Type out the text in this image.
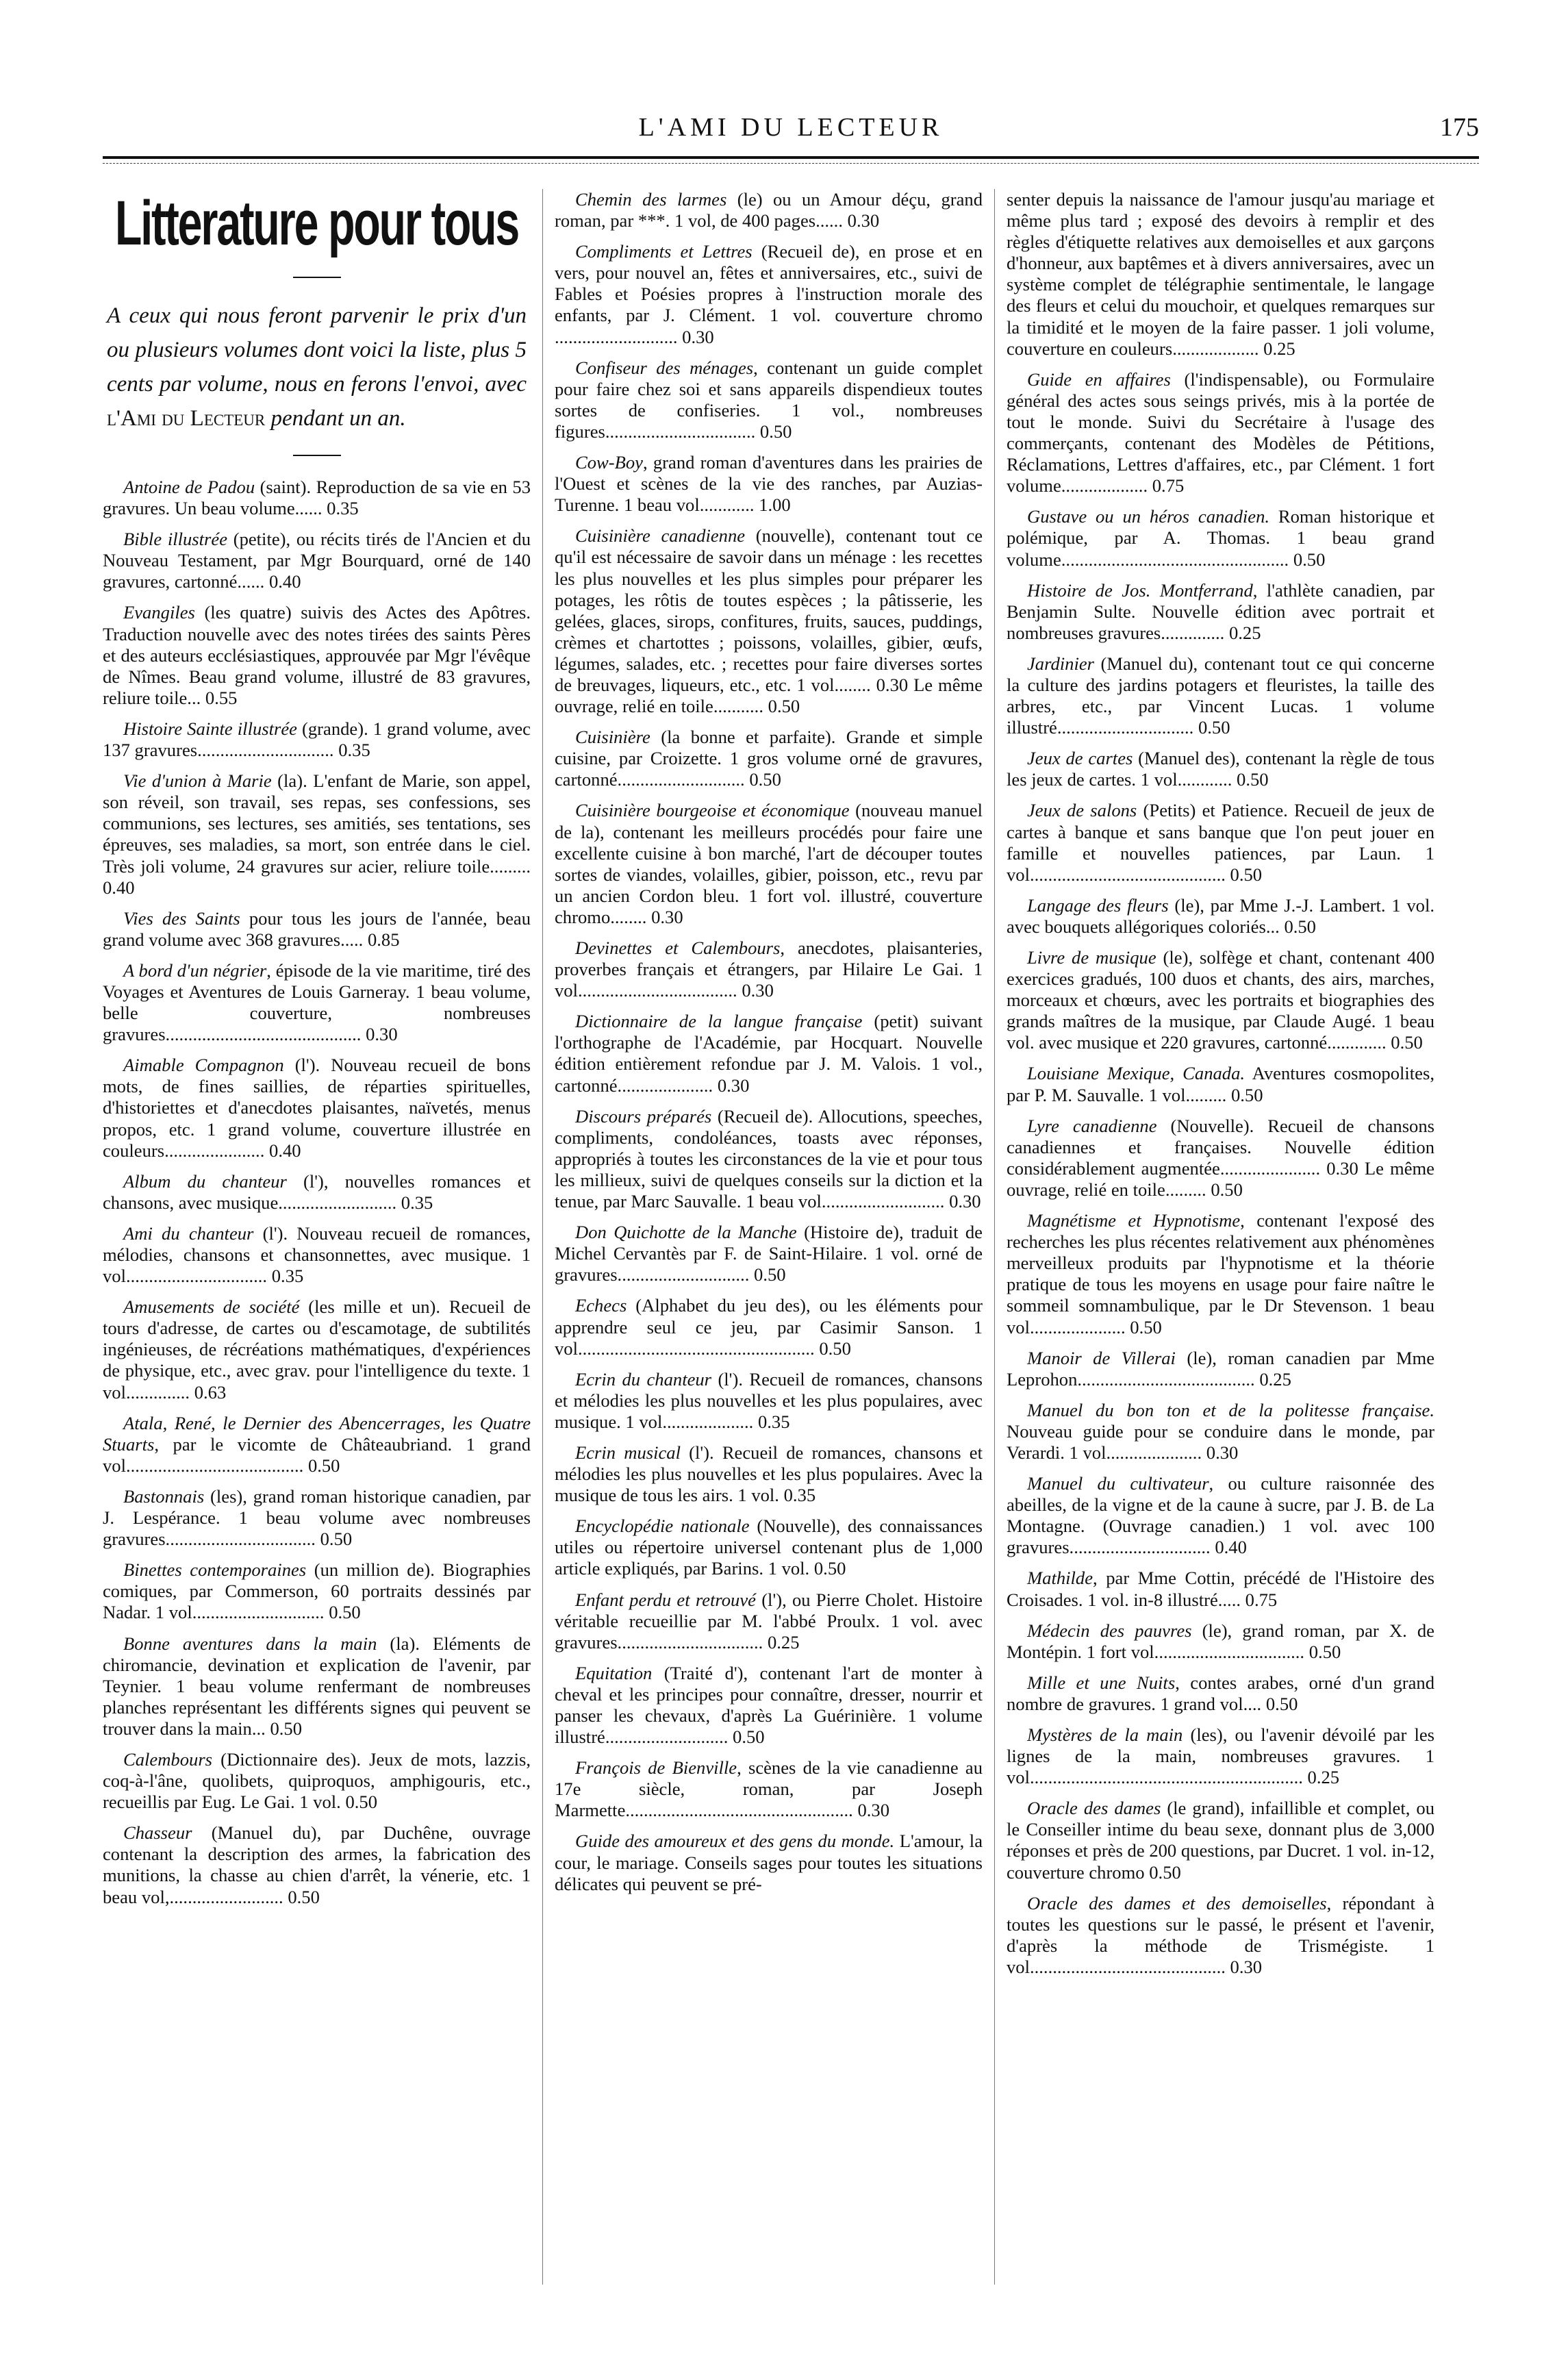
L'AMI DU LECTEUR	175
Litterature pour tous

A ceux qui nous feront parvenir le prix d'un ou plusieurs volumes dont voici la liste, plus 5 cents par volume, nous en ferons l'envoi, avec l'Ami du Lecteur pendant un an.

Antoine de Padou (saint). Reproduction de sa vie en 53 gravures. Un beau volume...... 0.35

Bible illustrée (petite), ou récits tirés de l'Ancien et du Nouveau Testament, par Mgr Bourquard, orné de 140 gravures, cartonné...... 0.40

Evangiles (les quatre) suivis des Actes des Apôtres. Traduction nouvelle avec des notes tirées des saints Pères et des auteurs ecclésiastiques, approuvée par Mgr l'évêque de Nîmes. Beau grand volume, illustré de 83 gravures, reliure toile... 0.55

Histoire Sainte illustrée (grande). 1 grand volume, avec 137 gravures.............................. 0.35

Vie d'union à Marie (la). L'enfant de Marie, son appel, son réveil, son travail, ses repas, ses confessions, ses communions, ses lectures, ses amitiés, ses tentations, ses épreuves, ses maladies, sa mort, son entrée dans le ciel. Très joli volume, 24 gravures sur acier, reliure toile......... 0.40

Vies des Saints pour tous les jours de l'année, beau grand volume avec 368 gravures..... 0.85

A bord d'un négrier, épisode de la vie maritime, tiré des Voyages et Aventures de Louis Garneray. 1 beau volume, belle couverture, nombreuses gravures........................................... 0.30

Aimable Compagnon (l'). Nouveau recueil de bons mots, de fines saillies, de réparties spirituelles, d'historiettes et d'anecdotes plaisantes, naïvetés, menus propos, etc. 1 grand volume, couverture illustrée en couleurs...................... 0.40

Album du chanteur (l'), nouvelles romances et chansons, avec musique.......................... 0.35

Ami du chanteur (l'). Nouveau recueil de romances, mélodies, chansons et chansonnettes, avec musique. 1 vol............................... 0.35

Amusements de société (les mille et un). Recueil de tours d'adresse, de cartes ou d'escamotage, de subtilités ingénieuses, de récréations mathématiques, d'expériences de physique, etc., avec grav. pour l'intelligence du texte. 1 vol.............. 0.63

Atala, René, le Dernier des Abencerrages, les Quatre Stuarts, par le vicomte de Châteaubriand. 1 grand vol....................................... 0.50

Bastonnais (les), grand roman historique canadien, par J. Lespérance. 1 beau volume avec nombreuses gravures................................. 0.50

Binettes contemporaines (un million de). Biographies comiques, par Commerson, 60 portraits dessinés par Nadar. 1 vol............................. 0.50

Bonne aventures dans la main (la). Eléments de chiromancie, devination et explication de l'avenir, par Teynier. 1 beau volume renfermant de nombreuses planches représentant les différents signes qui peuvent se trouver dans la main... 0.50

Calembours (Dictionnaire des). Jeux de mots, lazzis, coq-à-l'âne, quolibets, quiproquos, amphigouris, etc., recueillis par Eug. Le Gai. 1 vol. 0.50

Chasseur (Manuel du), par Duchêne, ouvrage contenant la description des armes, la fabrication des munitions, la chasse au chien d'arrêt, la vénerie, etc. 1 beau vol,......................... 0.50

Chemin des larmes (le) ou un Amour déçu, grand roman, par ***. 1 vol, de 400 pages...... 0.30

Compliments et Lettres (Recueil de), en prose et en vers, pour nouvel an, fêtes et anniversaires, etc., suivi de Fables et Poésies propres à l'instruction morale des enfants, par J. Clément. 1 vol. couverture chromo ........................... 0.30

Confiseur des ménages, contenant un guide complet pour faire chez soi et sans appareils dispendieux toutes sortes de confiseries. 1 vol., nombreuses figures................................. 0.50

Cow-Boy, grand roman d'aventures dans les prairies de l'Ouest et scènes de la vie des ranches, par Auzias-Turenne. 1 beau vol............ 1.00

Cuisinière canadienne (nouvelle), contenant tout ce qu'il est nécessaire de savoir dans un ménage : les recettes les plus nouvelles et les plus simples pour préparer les potages, les rôtis de toutes espèces ; la pâtisserie, les gelées, glaces, sirops, confitures, fruits, sauces, puddings, crèmes et chartottes ; poissons, volailles, gibier, œufs, légumes, salades, etc. ; recettes pour faire diverses sortes de breuvages, liqueurs, etc., etc. 1 vol........ 0.30 Le même ouvrage, relié en toile........... 0.50

Cuisinière (la bonne et parfaite). Grande et simple cuisine, par Croizette. 1 gros volume orné de gravures, cartonné............................ 0.50

Cuisinière bourgeoise et économique (nouveau manuel de la), contenant les meilleurs procédés pour faire une excellente cuisine à bon marché, l'art de découper toutes sortes de viandes, volailles, gibier, poisson, etc., revu par un ancien Cordon bleu. 1 fort vol. illustré, couverture chromo........ 0.30

Devinettes et Calembours, anecdotes, plaisanteries, proverbes français et étrangers, par Hilaire Le Gai. 1 vol................................... 0.30

Dictionnaire de la langue française (petit) suivant l'orthographe de l'Académie, par Hocquart. Nouvelle édition entièrement refondue par J. M. Valois. 1 vol., cartonné..................... 0.30

Discours préparés (Recueil de). Allocutions, speeches, compliments, condoléances, toasts avec réponses, appropriés à toutes les circonstances de la vie et pour tous les millieux, suivi de quelques conseils sur la diction et la tenue, par Marc Sauvalle. 1 beau vol........................... 0.30

Don Quichotte de la Manche (Histoire de), traduit de Michel Cervantès par F. de Saint-Hilaire. 1 vol. orné de gravures............................. 0.50

Echecs (Alphabet du jeu des), ou les éléments pour apprendre seul ce jeu, par Casimir Sanson. 1 vol.................................................... 0.50

Ecrin du chanteur (l'). Recueil de romances, chansons et mélodies les plus nouvelles et les plus populaires, avec musique. 1 vol.................... 0.35

Ecrin musical (l'). Recueil de romances, chansons et mélodies les plus nouvelles et les plus populaires. Avec la musique de tous les airs. 1 vol. 0.35

Encyclopédie nationale (Nouvelle), des connaissances utiles ou répertoire universel contenant plus de 1,000 article expliqués, par Barins. 1 vol. 0.50

Enfant perdu et retrouvé (l'), ou Pierre Cholet. Histoire véritable recueillie par M. l'abbé Proulx. 1 vol. avec gravures................................ 0.25

Equitation (Traité d'), contenant l'art de monter à cheval et les principes pour connaître, dresser, nourrir et panser les chevaux, d'après La Guérinière. 1 volume illustré........................... 0.50

François de Bienville, scènes de la vie canadienne au 17e siècle, roman, par Joseph Marmette.................................................. 0.30

Guide des amoureux et des gens du monde. L'amour, la cour, le mariage. Conseils sages pour toutes les situations délicates qui peuvent se pré-

senter depuis la naissance de l'amour jusqu'au mariage et même plus tard ; exposé des devoirs à remplir et des règles d'étiquette relatives aux demoiselles et aux garçons d'honneur, aux baptêmes et à divers anniversaires, avec un système complet de télégraphie sentimentale, le langage des fleurs et celui du mouchoir, et quelques remarques sur la timidité et le moyen de la faire passer. 1 joli volume, couverture en couleurs................... 0.25

Guide en affaires (l'indispensable), ou Formulaire général des actes sous seings privés, mis à la portée de tout le monde. Suivi du Secrétaire à l'usage des commerçants, contenant des Modèles de Pétitions, Réclamations, Lettres d'affaires, etc., par Clément. 1 fort volume................... 0.75

Gustave ou un héros canadien. Roman historique et polémique, par A. Thomas. 1 beau grand volume.................................................. 0.50

Histoire de Jos. Montferrand, l'athlète canadien, par Benjamin Sulte. Nouvelle édition avec portrait et nombreuses gravures.............. 0.25

Jardinier (Manuel du), contenant tout ce qui concerne la culture des jardins potagers et fleuristes, la taille des arbres, etc., par Vincent Lucas. 1 volume illustré.............................. 0.50

Jeux de cartes (Manuel des), contenant la règle de tous les jeux de cartes. 1 vol............ 0.50

Jeux de salons (Petits) et Patience. Recueil de jeux de cartes à banque et sans banque que l'on peut jouer en famille et nouvelles patiences, par Laun. 1 vol........................................... 0.50

Langage des fleurs (le), par Mme J.-J. Lambert. 1 vol. avec bouquets allégoriques coloriés... 0.50

Livre de musique (le), solfège et chant, contenant 400 exercices gradués, 100 duos et chants, des airs, marches, morceaux et chœurs, avec les portraits et biographies des grands maîtres de la musique, par Claude Augé. 1 beau vol. avec musique et 220 gravures, cartonné............. 0.50

Louisiane Mexique, Canada. Aventures cosmopolites, par P. M. Sauvalle. 1 vol......... 0.50

Lyre canadienne (Nouvelle). Recueil de chansons canadiennes et françaises. Nouvelle édition considérablement augmentée...................... 0.30 Le même ouvrage, relié en toile......... 0.50

Magnétisme et Hypnotisme, contenant l'exposé des recherches les plus récentes relativement aux phénomènes merveilleux produits par l'hypnotisme et la théorie pratique de tous les moyens en usage pour faire naître le sommeil somnambulique, par le Dr Stevenson. 1 beau vol..................... 0.50

Manoir de Villerai (le), roman canadien par Mme Leprohon....................................... 0.25

Manuel du bon ton et de la politesse française. Nouveau guide pour se conduire dans le monde, par Verardi. 1 vol..................... 0.30

Manuel du cultivateur, ou culture raisonnée des abeilles, de la vigne et de la caune à sucre, par J. B. de La Montagne. (Ouvrage canadien.) 1 vol. avec 100 gravures............................... 0.40

Mathilde, par Mme Cottin, précédé de l'Histoire des Croisades. 1 vol. in-8 illustré..... 0.75

Médecin des pauvres (le), grand roman, par X. de Montépin. 1 fort vol................................. 0.50

Mille et une Nuits, contes arabes, orné d'un grand nombre de gravures. 1 grand vol.... 0.50

Mystères de la main (les), ou l'avenir dévoilé par les lignes de la main, nombreuses gravures. 1 vol............................................................ 0.25

Oracle des dames (le grand), infaillible et complet, ou le Conseiller intime du beau sexe, donnant plus de 3,000 réponses et près de 200 questions, par Ducret. 1 vol. in-12, couverture chromo 0.50

Oracle des dames et des demoiselles, répondant à toutes les questions sur le passé, le présent et l'avenir, d'après la méthode de Trismégiste. 1 vol........................................... 0.30
